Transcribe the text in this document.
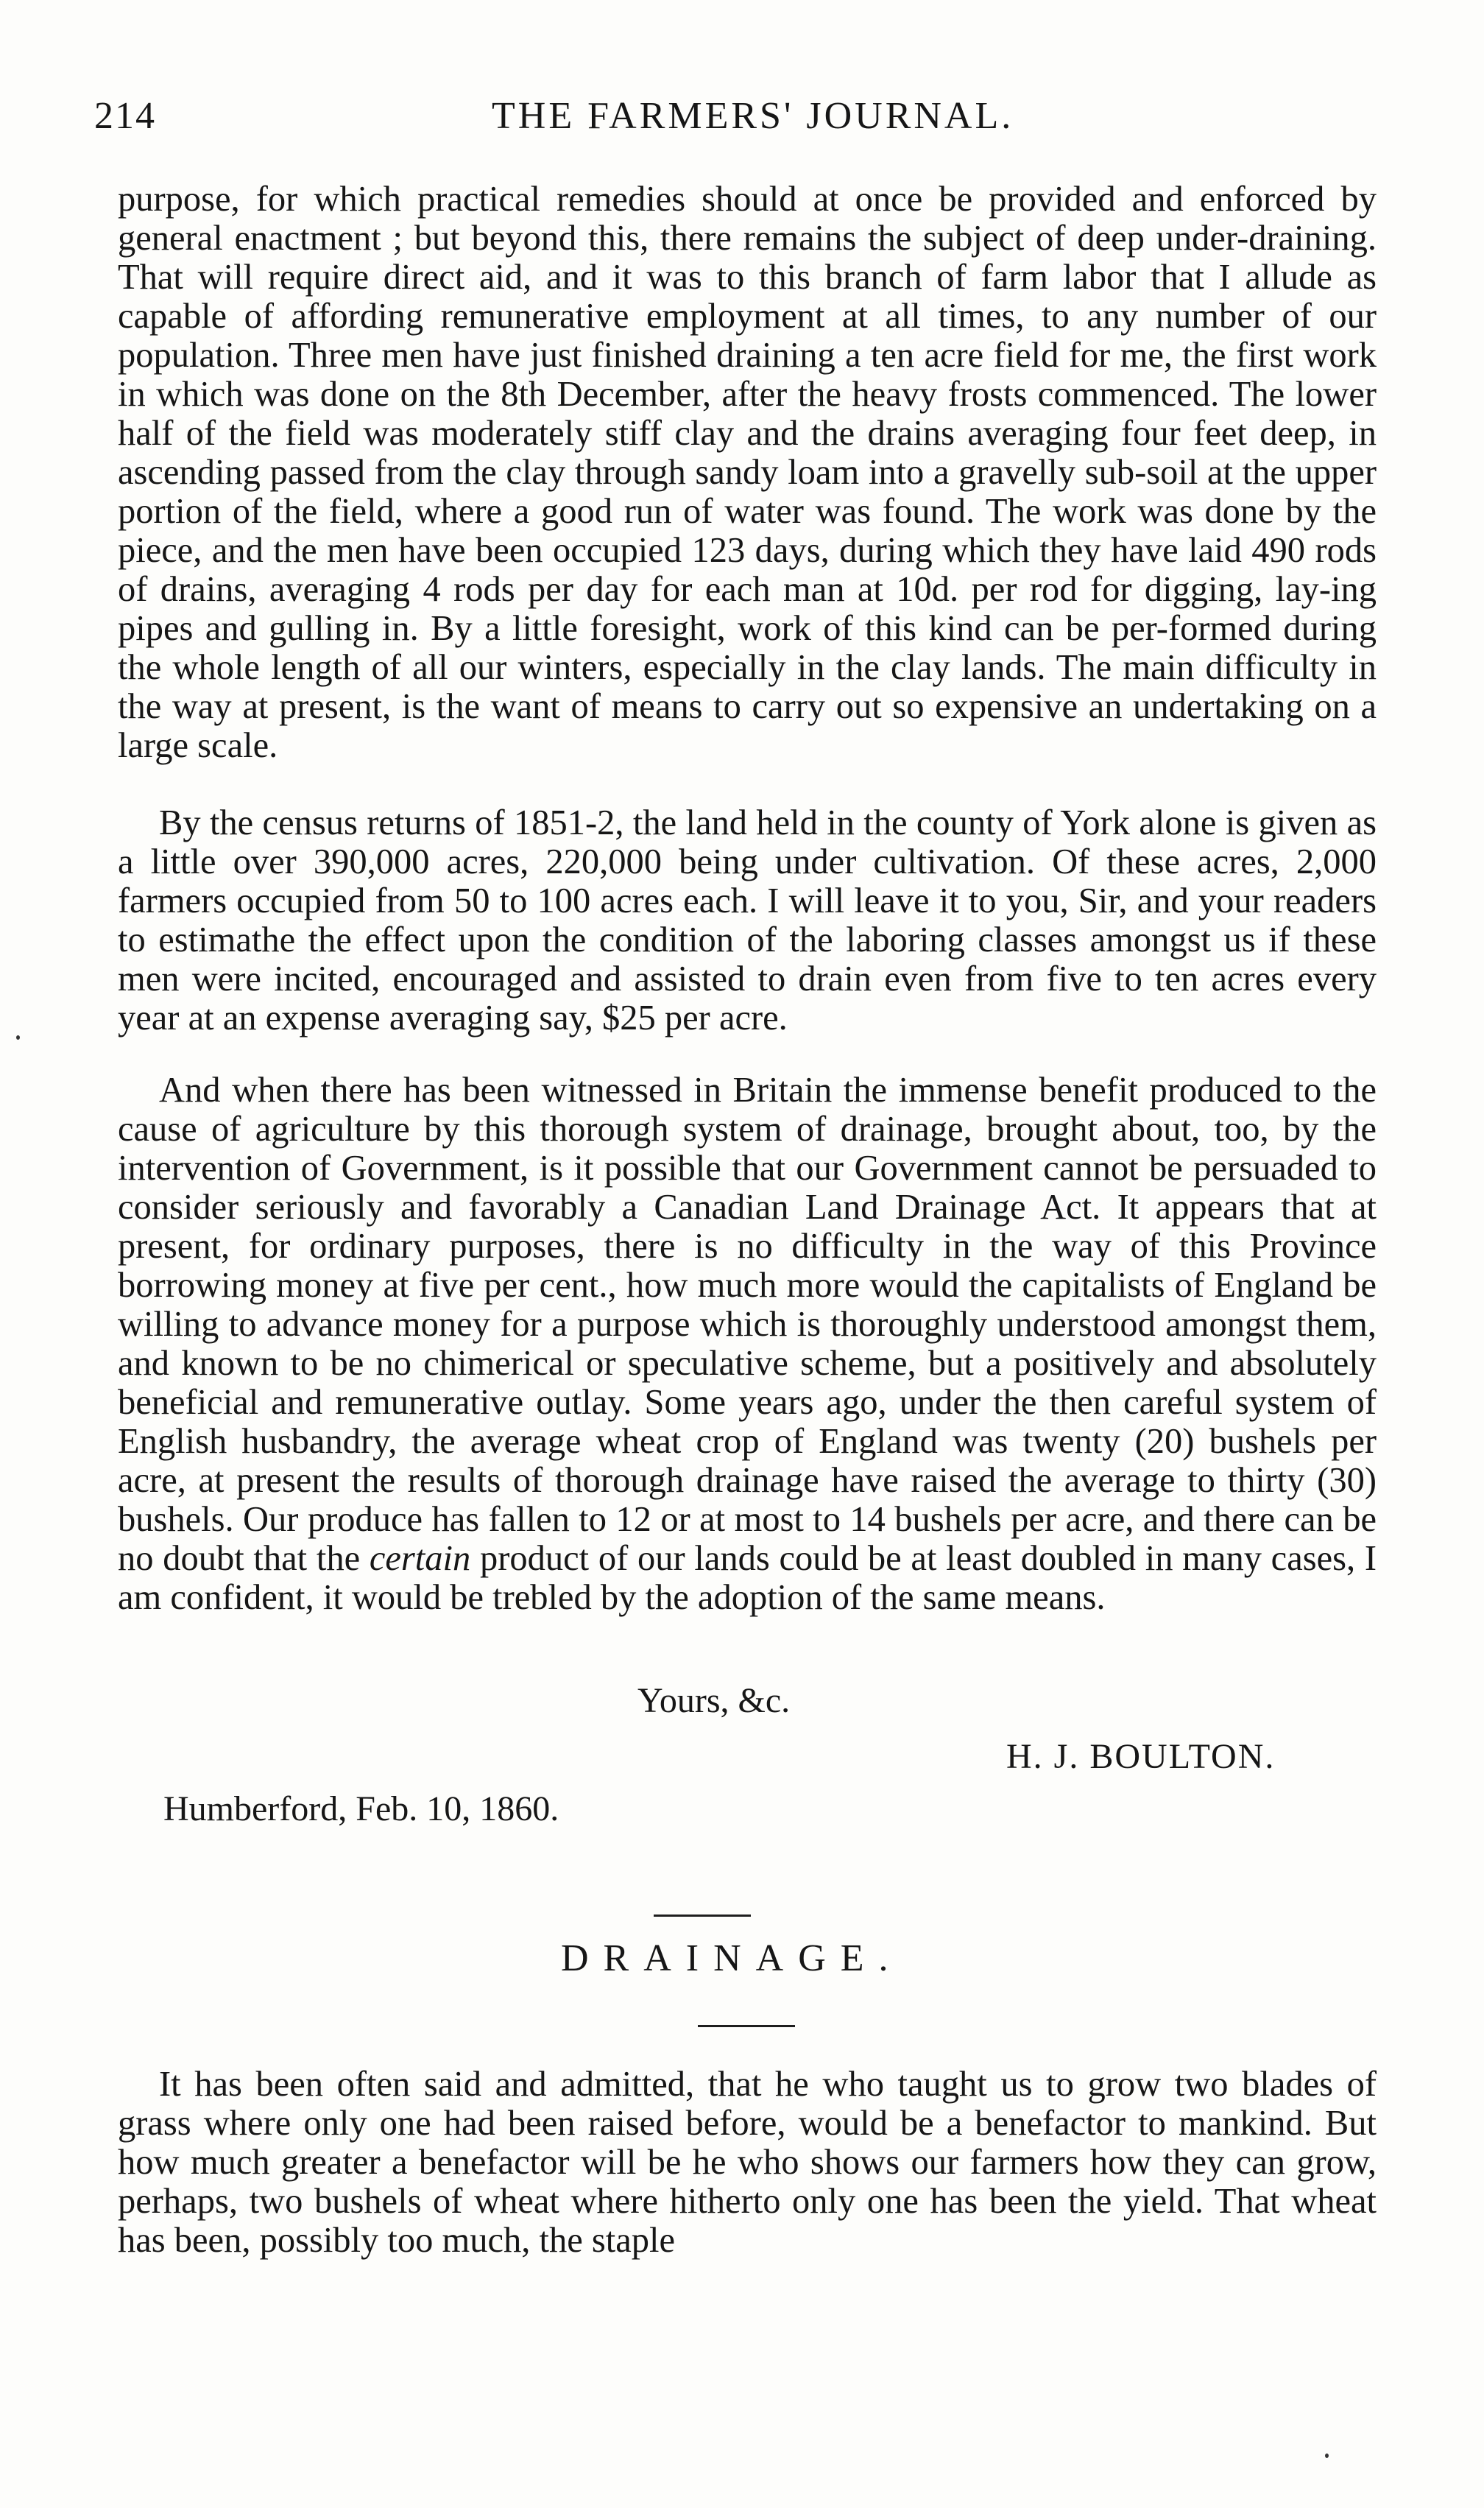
214	THE FARMERS' JOURNAL.

purpose, for which practical remedies should at once be provided and enforced by general enactment ; but beyond this, there remains the subject of deep under-draining. That will require direct aid, and it was to this branch of farm labor that I allude as capable of affording remunerative employment at all times, to any number of our population. Three men have just finished draining a ten acre field for me, the first work in which was done on the 8th December, after the heavy frosts commenced. The lower half of the field was moderately stiff clay and the drains averaging four feet deep, in ascending passed from the clay through sandy loam into a gravelly sub-soil at the upper portion of the field, where a good run of water was found. The work was done by the piece, and the men have been occupied 123 days, during which they have laid 490 rods of drains, averaging 4 rods per day for each man at 10d. per rod for digging, lay-ing pipes and gulling in. By a little foresight, work of this kind can be per-formed during the whole length of all our winters, especially in the clay lands. The main difficulty in the way at present, is the want of means to carry out so expensive an undertaking on a large scale.

By the census returns of 1851-2, the land held in the county of York alone is given as a little over 390,000 acres, 220,000 being under cultivation. Of these acres, 2,000 farmers occupied from 50 to 100 acres each. I will leave it to you, Sir, and your readers to estimathe the effect upon the condition of the laboring classes amongst us if these men were incited, encouraged and assisted to drain even from five to ten acres every year at an expense averaging say, $25 per acre.

And when there has been witnessed in Britain the immense benefit produced to the cause of agriculture by this thorough system of drainage, brought about, too, by the intervention of Government, is it possible that our Government cannot be persuaded to consider seriously and favorably a Canadian Land Drainage Act. It appears that at present, for ordinary purposes, there is no difficulty in the way of this Province borrowing money at five per cent., how much more would the capitalists of England be willing to advance money for a purpose which is thoroughly understood amongst them, and known to be no chimerical or speculative scheme, but a positively and absolutely beneficial and remunerative outlay. Some years ago, under the then careful system of English husbandry, the average wheat crop of England was twenty (20) bushels per acre, at present the results of thorough drainage have raised the average to thirty (30) bushels. Our produce has fallen to 12 or at most to 14 bushels per acre, and there can be no doubt that the certain product of our lands could be at least doubled in many cases, I am confident, it would be trebled by the adoption of the same means.

Yours, &c.
H. J. BOULTON.
Humberford, Feb. 10, 1860.
DRAINAGE.

It has been often said and admitted, that he who taught us to grow two blades of grass where only one had been raised before, would be a benefactor to mankind. But how much greater a benefactor will be he who shows our farmers how they can grow, perhaps, two bushels of wheat where hitherto only one has been the yield. That wheat has been, possibly too much, the staple
